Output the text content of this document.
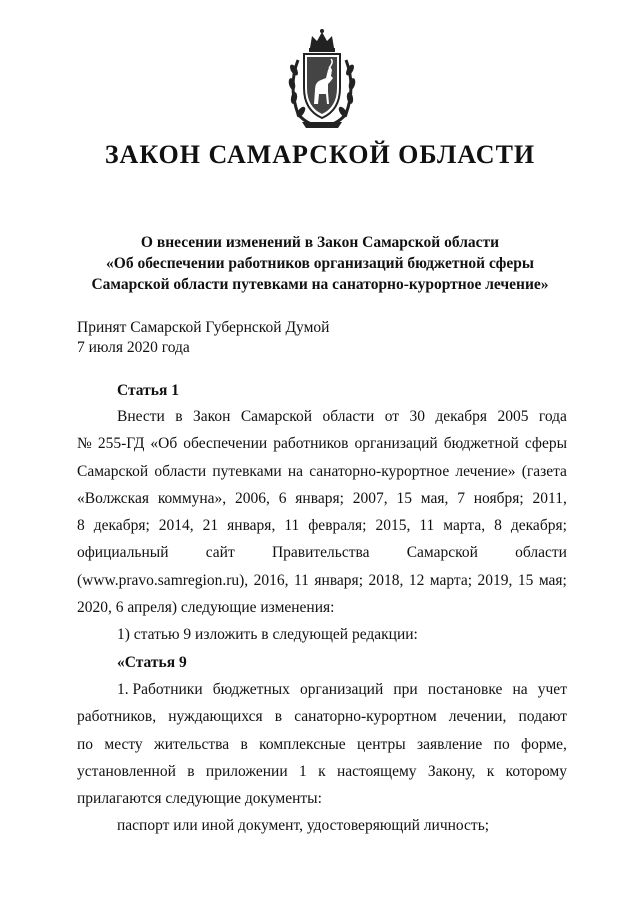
ЗАКОН САМАРСКОЙ ОБЛАСТИ
О внесении изменений в Закон Самарской области
«Об обеспечении работников организаций бюджетной сферы
Самарской области путевками на санаторно-курортное лечение»
Принят Самарской Губернской Думой
7 июля 2020 года
Статья 1
Внести в Закон Самарской области от 30 декабря 2005 года
№ 255-ГД «Об обеспечении работников организаций бюджетной сферы
Самарской области путевками на санаторно-курортное лечение» (газета
«Волжская коммуна», 2006, 6 января; 2007, 15 мая, 7 ноября; 2011,
8 декабря; 2014, 21 января, 11 февраля; 2015, 11 марта, 8 декабря;
официальный сайт Правительства Самарской области
(www.pravo.samregion.ru), 2016, 11 января; 2018, 12 марта; 2019, 15 мая;
2020, 6 апреля) следующие изменения:
1) статью 9 изложить в следующей редакции:
«Статья 9
1. Работники бюджетных организаций при постановке на учет
работников, нуждающихся в санаторно-курортном лечении, подают
по месту жительства в комплексные центры заявление по форме,
установленной в приложении 1 к настоящему Закону, к которому
прилагаются следующие документы:
паспорт или иной документ, удостоверяющий личность;
